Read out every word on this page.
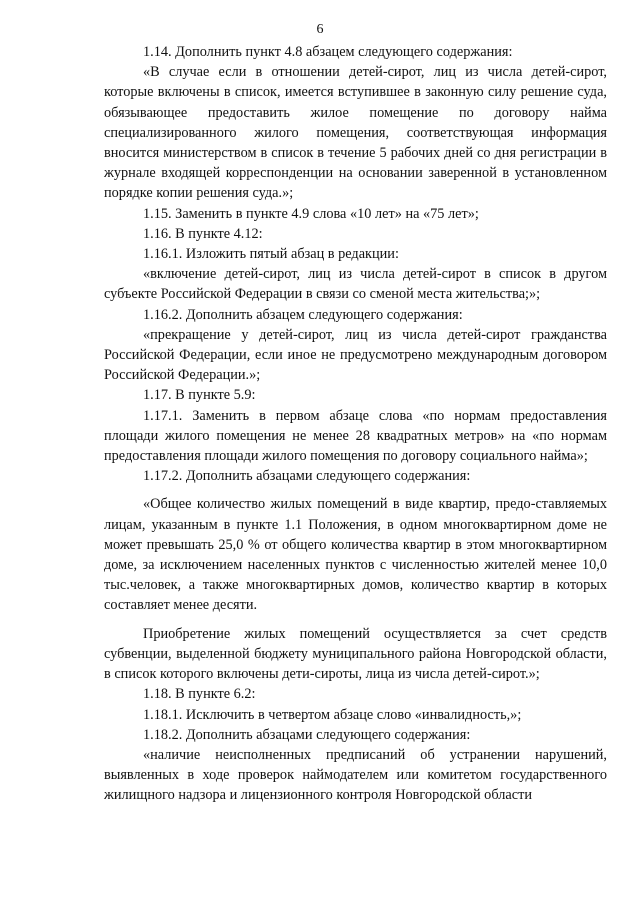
6

1.14. Дополнить пункт 4.8 абзацем следующего содержания:

«В случае если в отношении детей-сирот, лиц из числа детей-сирот, которые включены в список, имеется вступившее в законную силу решение суда, обязывающее предоставить жилое помещение по договору найма специализированного жилого помещения, соответствующая информация вносится министерством в список в течение 5 рабочих дней со дня регистрации в журнале входящей корреспонденции на основании заверенной в установленном порядке копии решения суда.»;

1.15. Заменить в пункте 4.9 слова «10 лет» на «75 лет»;

1.16. В пункте 4.12:

1.16.1. Изложить пятый абзац в редакции:

«включение детей-сирот, лиц из числа детей-сирот в список в другом субъекте Российской Федерации в связи со сменой места жительства;»;

1.16.2. Дополнить абзацем следующего содержания:

«прекращение у детей-сирот, лиц из числа детей-сирот гражданства Российской Федерации, если иное не предусмотрено международным договором Российской Федерации.»;

1.17. В пункте 5.9:

1.17.1. Заменить в первом абзаце слова «по нормам предоставления площади жилого помещения не менее 28 квадратных метров» на «по нормам предоставления площади жилого помещения по договору социального найма»;

1.17.2. Дополнить абзацами следующего содержания:

«Общее количество жилых помещений в виде квартир, предо-ставляемых лицам, указанным в пункте 1.1 Положения, в одном многоквартирном доме не может превышать 25,0 % от общего количества квартир в этом многоквартирном доме, за исключением населенных пунктов с численностью жителей менее 10,0 тыс.человек, а также многоквартирных домов, количество квартир в которых составляет менее десяти.

Приобретение жилых помещений осуществляется за счет средств субвенции, выделенной бюджету муниципального района Новгородской области, в список которого включены дети-сироты, лица из числа детей-сирот.»;

1.18. В пункте 6.2:

1.18.1. Исключить в четвертом абзаце слово «инвалидность,»;

1.18.2. Дополнить абзацами следующего содержания:

«наличие неисполненных предписаний об устранении нарушений, выявленных в ходе проверок наймодателем или комитетом государственного жилищного надзора и лицензионного контроля Новгородской области
